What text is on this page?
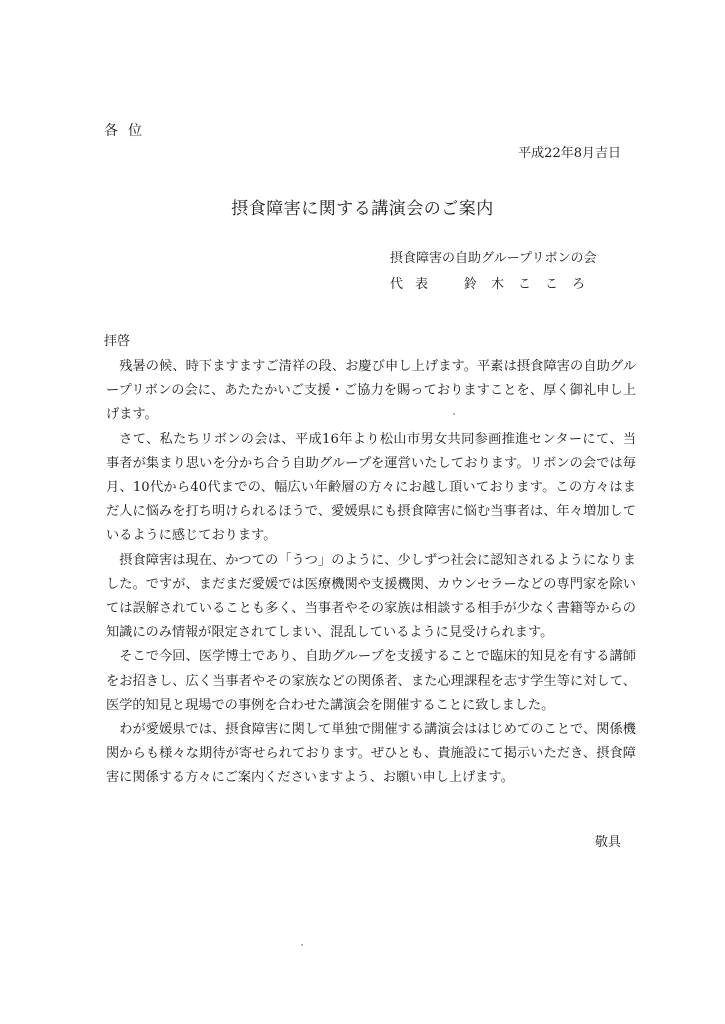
各位
平成22年8月吉日
摂食障害に関する講演会のご案内
摂食障害の自助グループリボンの会
代表 鈴木こころ
拝啓

残暑の候、時下ますますご清祥の段、お慶び申し上げます。平素は摂食障害の自助グループリボンの会に、あたたかいご支援・ご協力を賜っておりますことを、厚く御礼申し上げます。

さて、私たちリボンの会は、平成16年より松山市男女共同参画推進センターにて、当事者が集まり思いを分かち合う自助グループを運営いたしております。リボンの会では毎月、10代から40代までの、幅広い年齢層の方々にお越し頂いております。この方々はまだ人に悩みを打ち明けられるほうで、愛媛県にも摂食障害に悩む当事者は、年々増加しているように感じております。

摂食障害は現在、かつての「うつ」のように、少しずつ社会に認知されるようになりました。ですが、まだまだ愛媛では医療機関や支援機関、カウンセラーなどの専門家を除いては誤解されていることも多く、当事者やその家族は相談する相手が少なく書籍等からの知識にのみ情報が限定されてしまい、混乱しているように見受けられます。

そこで今回、医学博士であり、自助グループを支援することで臨床的知見を有する講師をお招きし、広く当事者やその家族などの関係者、また心理課程を志す学生等に対して、医学的知見と現場での事例を合わせた講演会を開催することに致しました。

わが愛媛県では、摂食障害に関して単独で開催する講演会ははじめてのことで、関係機関からも様々な期待が寄せられております。ぜひとも、貴施設にて掲示いただき、摂食障害に関係する方々にご案内くださいますよう、お願い申し上げます。

敬具
